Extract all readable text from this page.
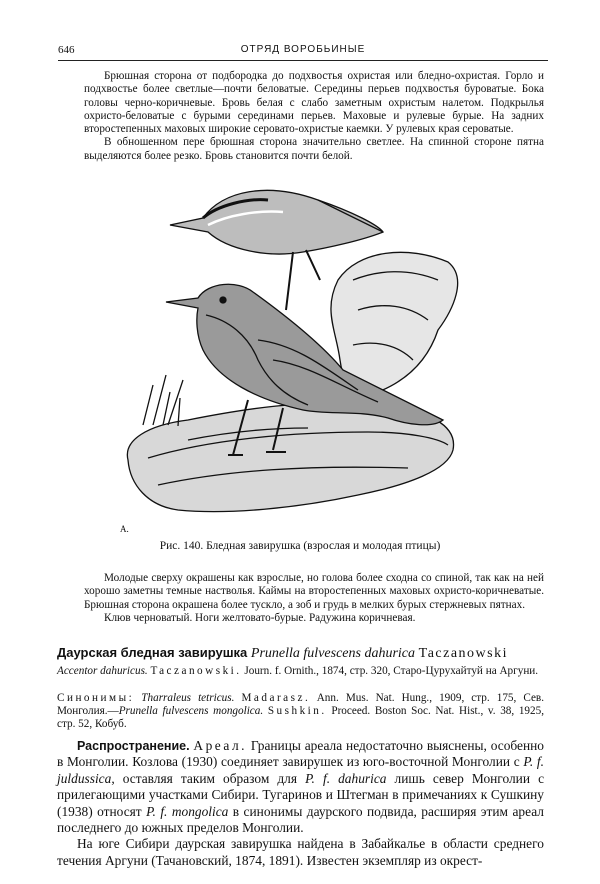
646	ОТРЯД ВОРОБЬИНЫЕ
Брюшная сторона от подбородка до подхвостья охристая или бледно-охристая. Горло и подхвостье более светлые—почти беловатые. Середины перьев подхвостья буроватые. Бока головы черно-коричневые. Бровь белая с слабо заметным охристым налетом. Подкрылья охристо-беловатые с бурыми серединами перьев. Маховые и рулевые бурые. На задних второстепенных маховых широкие серовато-охристые каемки. У рулевых края сероватые.
В обношенном пере брюшная сторона значительно светлее. На спинной стороне пятна выделяются более резко. Бровь становится почти белой.
А.
Рис. 140. Бледная завирушка (взрослая и молодая птицы)
Молодые сверху окрашены как взрослые, но голова более сходна со спиной, так как на ней хорошо заметны темные настволья. Каймы на второстепенных маховых охристо-коричневатые. Брюшная сторона окрашена более тускло, а зоб и грудь в мелких бурых стержневых пятнах.
Клюв черноватый. Ноги желтовато-бурые. Радужина коричневая.
Даурская бледная завирушка Prunella fulvescens dahurica Taczanowski
Accentor dahuricus. Taczanowski. Journ. f. Ornith., 1874, стр. 320, Старо-Цурухайтуй на Аргуни.
Синонимы: Tharraleus tetricus. Madarasz. Ann. Mus. Nat. Hung., 1909, стр. 175, Сев. Монголия.—Prunella fulvescens mongolica. Sushkin. Proceed. Boston Soc. Nat. Hist., v. 38, 1925, стр. 52, Кобуб.
Распространение. Ареал. Границы ареала недостаточно выяснены, особенно в Монголии. Козлова (1930) соединяет завирушек из юго-восточной Монголии с P. f. juldussica, оставляя таким образом для P. f. dahurica лишь север Монголии с прилегающими участками Сибири. Тугаринов и Штегман в примечаниях к Сушкину (1938) относят P. f. mongolica в синонимы даурского подвида, расширяя этим ареал последнего до южных пределов Монголии.
На юге Сибири даурская завирушка найдена в Забайкалье в области среднего течения Аргуни (Тачановский, 1874, 1891). Известен экземпляр из окрест-
